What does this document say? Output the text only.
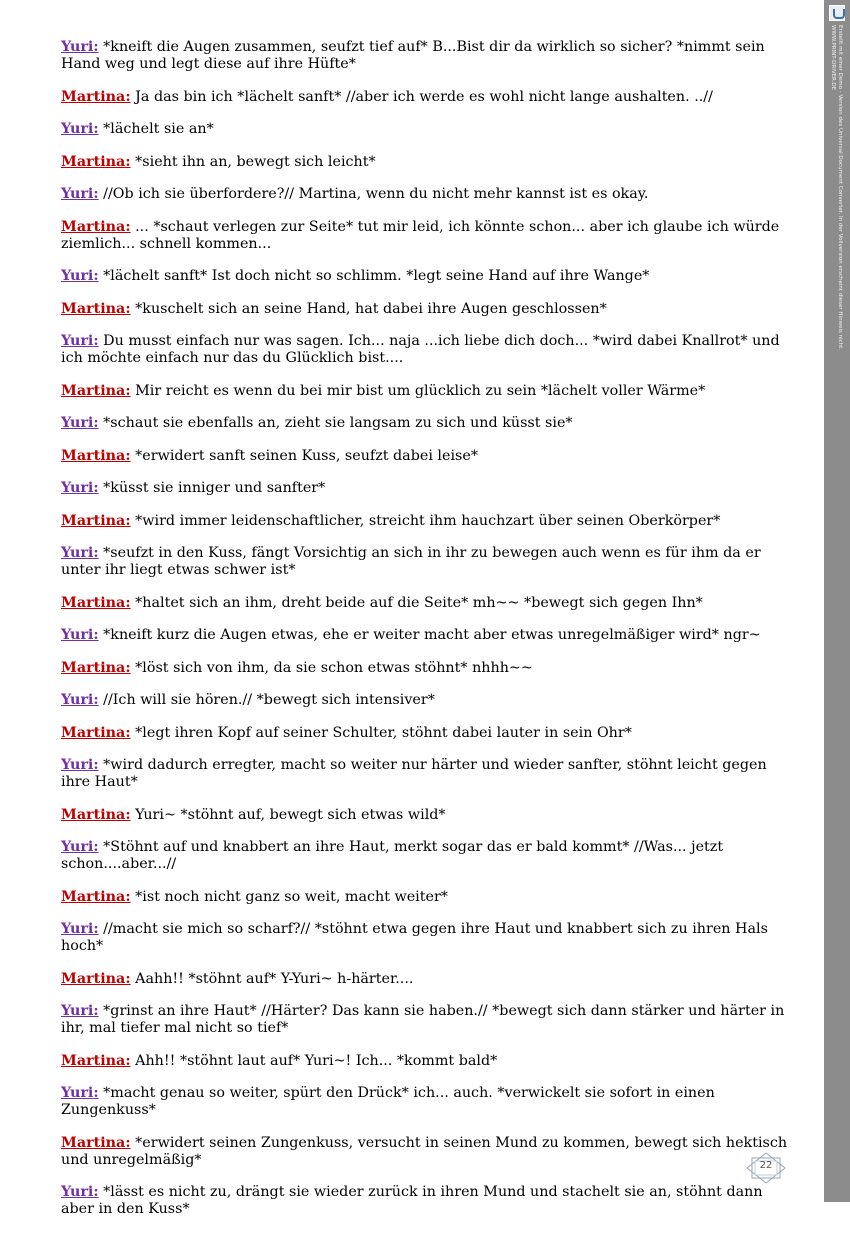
Yuri: *kneift die Augen zusammen, seufzt tief auf* B...Bist dir da wirklich so sicher? *nimmt sein Hand weg und legt diese auf ihre Hüfte*
Martina: Ja das bin ich *lächelt sanft* //aber ich werde es wohl nicht lange aushalten. ..//
Yuri: *lächelt sie an*
Martina: *sieht ihn an, bewegt sich leicht*
Yuri: //Ob ich sie überfordere?// Martina, wenn du nicht mehr kannst ist es okay.
Martina: ... *schaut verlegen zur Seite* tut mir leid, ich könnte schon... aber ich glaube ich würde ziemlich... schnell kommen...
Yuri: *lächelt sanft* Ist doch nicht so schlimm. *legt seine Hand auf ihre Wange*
Martina: *kuschelt sich an seine Hand, hat dabei ihre Augen geschlossen*
Yuri: Du musst einfach nur was sagen. Ich... naja ...ich liebe dich doch... *wird dabei Knallrot* und ich möchte einfach nur das du Glücklich bist....
Martina: Mir reicht es wenn du bei mir bist um glücklich zu sein *lächelt voller Wärme*
Yuri: *schaut sie ebenfalls an, zieht sie langsam zu sich und küsst sie*
Martina: *erwidert sanft seinen Kuss, seufzt dabei leise*
Yuri: *küsst sie inniger und sanfter*
Martina: *wird immer leidenschaftlicher, streicht ihm hauchzart über seinen Oberkörper*
Yuri: *seufzt in den Kuss, fängt Vorsichtig an sich in ihr zu bewegen auch wenn es für ihm da er unter ihr liegt etwas schwer ist*
Martina: *haltet sich an ihm, dreht beide auf die Seite* mh~~ *bewegt sich gegen Ihn*
Yuri: *kneift kurz die Augen etwas, ehe er weiter macht aber etwas unregelmäßiger wird* ngr~
Martina: *löst sich von ihm, da sie schon etwas stöhnt* nhhh~~
Yuri: //Ich will sie hören.// *bewegt sich intensiver*
Martina: *legt ihren Kopf auf seiner Schulter, stöhnt dabei lauter in sein Ohr*
Yuri: *wird dadurch erregter, macht so weiter nur härter und wieder sanfter, stöhnt leicht gegen ihre Haut*
Martina: Yuri~ *stöhnt auf, bewegt sich etwas wild*
Yuri: *Stöhnt auf und knabbert an ihre Haut, merkt sogar das er bald kommt* //Was... jetzt schon....aber...//
Martina: *ist noch nicht ganz so weit, macht weiter*
Yuri: //macht sie mich so scharf?// *stöhnt etwa gegen ihre Haut und knabbert sich zu ihren Hals hoch*
Martina: Aahh!! *stöhnt auf* Y-Yuri~ h-härter....
Yuri: *grinst an ihre Haut* //Härter? Das kann sie haben.// *bewegt sich dann stärker und härter in ihr, mal tiefer mal nicht so tief*
Martina: Ahh!! *stöhnt laut auf* Yuri~! Ich... *kommt bald*
Yuri: *macht genau so weiter, spürt den Drück* ich... auch. *verwickelt sie sofort in einen Zungenkuss*
Martina: *erwidert seinen Zungenkuss, versucht in seinen Mund zu kommen, bewegt sich hektisch und unregelmäßig*
Yuri: *lässt es nicht zu, drängt sie wieder zurück in ihren Mund und stachelt sie an, stöhnt dann aber in den Kuss*
Erstellt mit einer Demo - Version des Universal Document Converter. In der Vollversion erscheint dieser Hinweis nicht.
WWW.PRINT-DRIVER.DE
22
